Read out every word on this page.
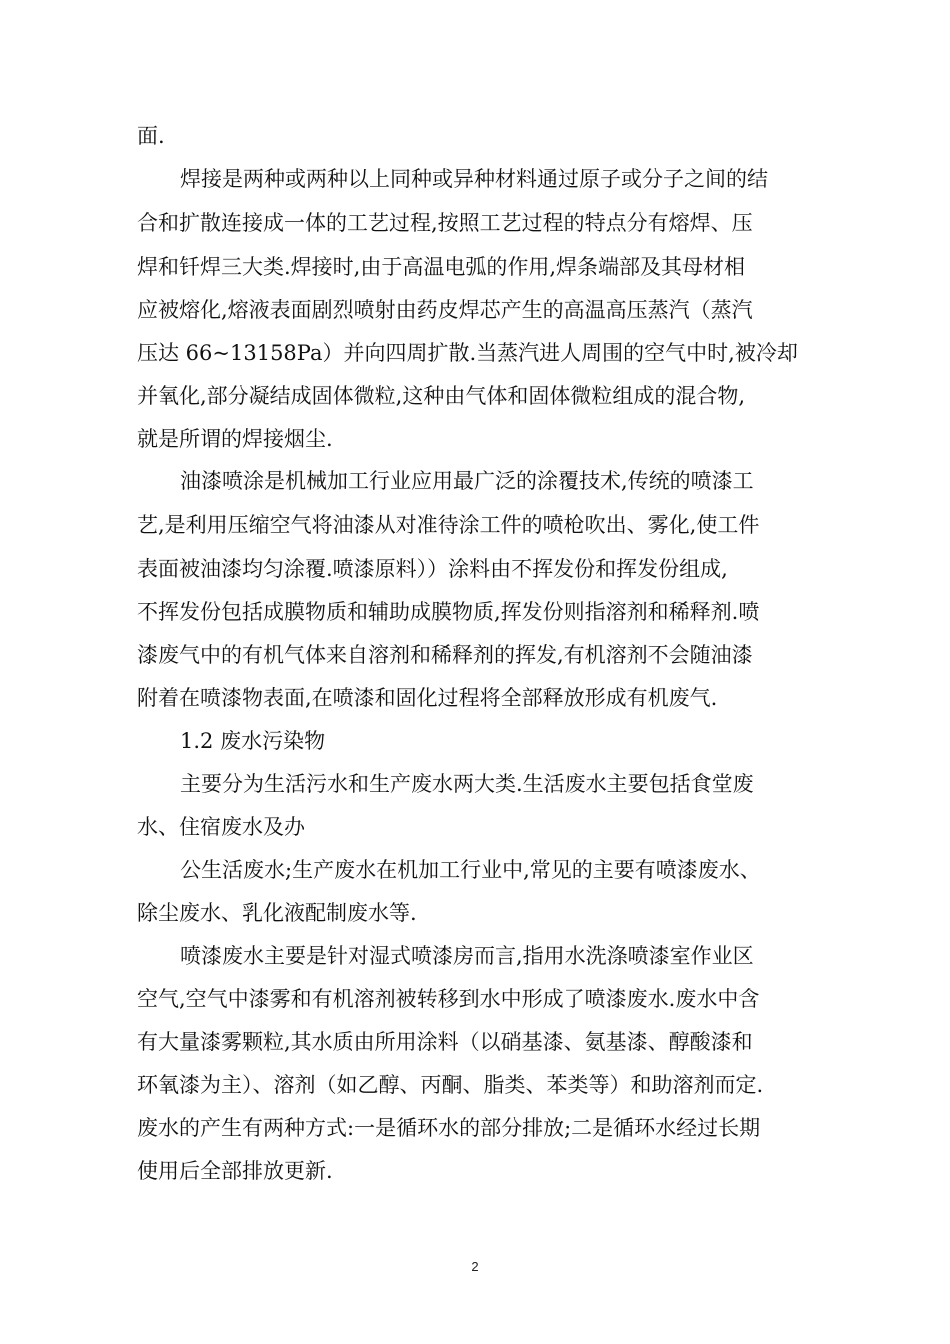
面.
焊接是两种或两种以上同种或异种材料通过原子或分子之间的结
合和扩散连接成一体的工艺过程,按照工艺过程的特点分有熔焊、压
焊和钎焊三大类.焊接时,由于高温电弧的作用,焊条端部及其母材相
应被熔化,熔液表面剧烈喷射由药皮焊芯产生的高温高压蒸汽（蒸汽
压达 66~13158Pa）并向四周扩散.当蒸汽进人周围的空气中时,被冷却
并氧化,部分凝结成固体微粒,这种由气体和固体微粒组成的混合物,
就是所谓的焊接烟尘.
油漆喷涂是机械加工行业应用最广泛的涂覆技术,传统的喷漆工
艺,是利用压缩空气将油漆从对准待涂工件的喷枪吹出、雾化,使工件
表面被油漆均匀涂覆.喷漆原料））涂料由不挥发份和挥发份组成,
不挥发份包括成膜物质和辅助成膜物质,挥发份则指溶剂和稀释剂.喷
漆废气中的有机气体来自溶剂和稀释剂的挥发,有机溶剂不会随油漆
附着在喷漆物表面,在喷漆和固化过程将全部释放形成有机废气.
1.2 废水污染物
主要分为生活污水和生产废水两大类.生活废水主要包括食堂废
水、住宿废水及办
公生活废水;生产废水在机加工行业中,常见的主要有喷漆废水、
除尘废水、乳化液配制废水等.
喷漆废水主要是针对湿式喷漆房而言,指用水洗涤喷漆室作业区
空气,空气中漆雾和有机溶剂被转移到水中形成了喷漆废水.废水中含
有大量漆雾颗粒,其水质由所用涂料（以硝基漆、氨基漆、醇酸漆和
环氧漆为主）、溶剂（如乙醇、丙酮、脂类、苯类等）和助溶剂而定.
废水的产生有两种方式:一是循环水的部分排放;二是循环水经过长期
使用后全部排放更新.
2
